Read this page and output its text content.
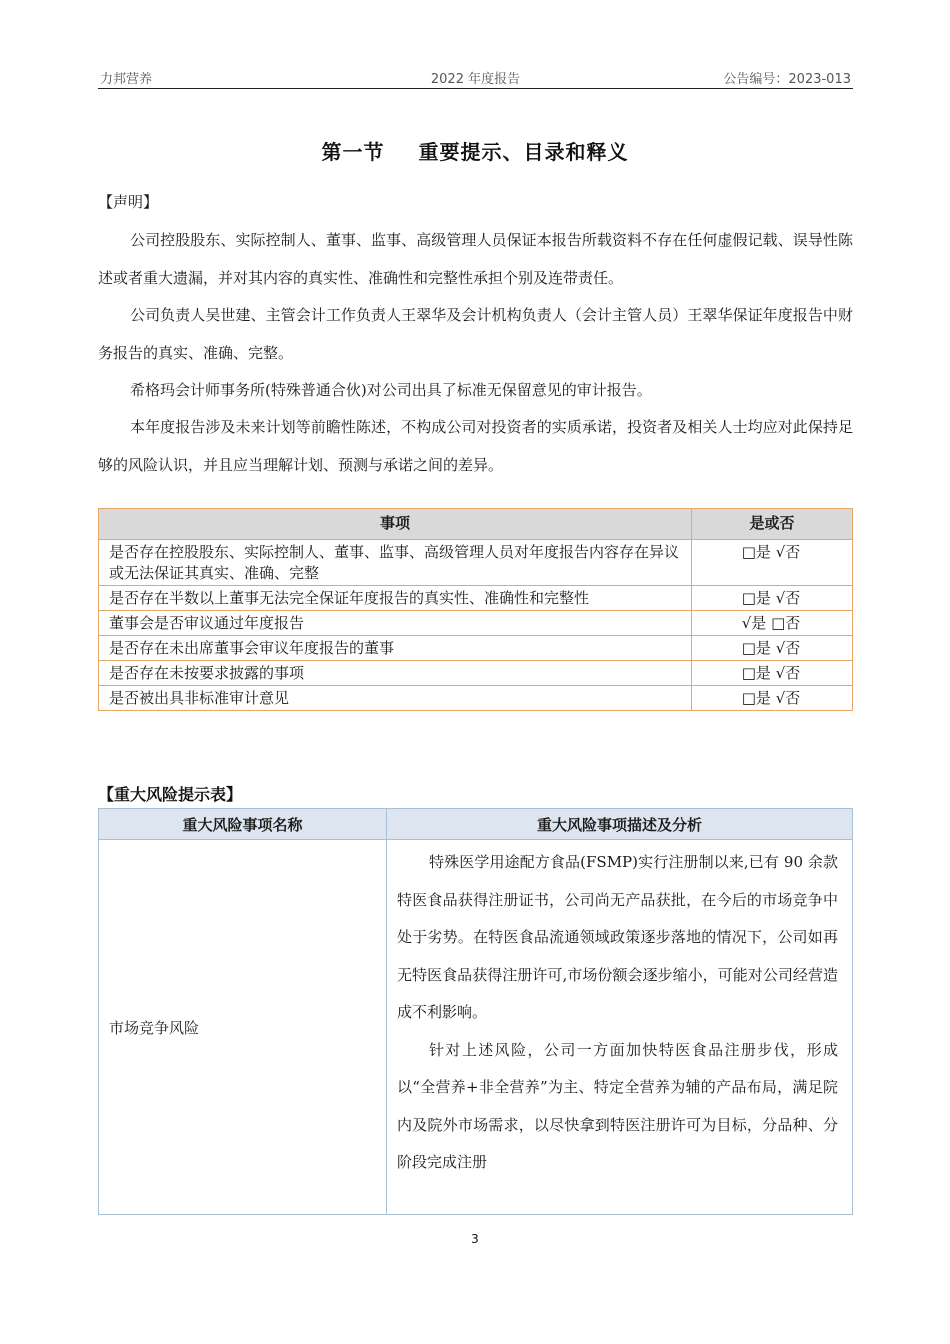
力邦营养	2022 年度报告	公告编号：2023-013
第一节 重要提示、目录和释义

【声明】

公司控股股东、实际控制人、董事、监事、高级管理人员保证本报告所载资料不存在任何虚假记载、误导性陈述或者重大遗漏，并对其内容的真实性、准确性和完整性承担个别及连带责任。

公司负责人吴世建、主管会计工作负责人王翠华及会计机构负责人（会计主管人员）王翠华保证年度报告中财务报告的真实、准确、完整。

希格玛会计师事务所(特殊普通合伙)对公司出具了标准无保留意见的审计报告。

本年度报告涉及未来计划等前瞻性陈述，不构成公司对投资者的实质承诺，投资者及相关人士均应对此保持足够的风险认识，并且应当理解计划、预测与承诺之间的差异。

事项	是或否
是否存在控股股东、实际控制人、董事、监事、高级管理人员对年度报告内容存在异议或无法保证其真实、准确、完整	□是 √否
是否存在半数以上董事无法完全保证年度报告的真实性、准确性和完整性	□是 √否
董事会是否审议通过年度报告	√是 □否
是否存在未出席董事会审议年度报告的董事	□是 √否
是否存在未按要求披露的事项	□是 √否
是否被出具非标准审计意见	□是 √否
【重大风险提示表】
重大风险事项名称	重大风险事项描述及分析
市场竞争风险	特殊医学用途配方食品(FSMP)实行注册制以来,已有 90 余款特医食品获得注册证书，公司尚无产品获批，在今后的市场竞争中处于劣势。在特医食品流通领域政策逐步落地的情况下，公司如再无特医食品获得注册许可,市场份额会逐步缩小，可能对公司经营造成不利影响。

针对上述风险，公司一方面加快特医食品注册步伐，形成以“全营养+非全营养”为主、特定全营养为辅的产品布局，满足院内及院外市场需求，以尽快拿到特医注册许可为目标，分品种、分阶段完成注册

3
